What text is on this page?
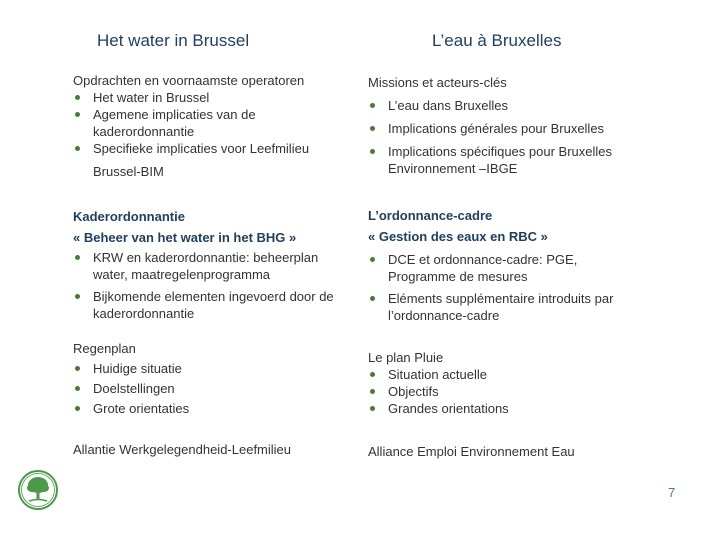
Het water in Brussel	L’eau à Bruxelles

Opdrachten en voornaamste operatoren

Het water in Brussel
Agemene implicaties van de kaderordonnantie
Specifieke implicaties voor Leefmilieu
Brussel-BIM

Kaderordonnantie

« Beheer van het water in het BHG »

KRW en kaderordonnantie: beheerplan water, maatregelenprogramma
Bijkomende elementen ingevoerd door de kaderordonnantie

Regenplan

Huidige situatie
Doelstellingen
Grote orientaties

Allantie Werkgelegendheid-Leefmilieu

Missions et acteurs-clés

L’eau dans Bruxelles
Implications générales pour Bruxelles
Implications spécifiques pour Bruxelles Environnement –IBGE

L’ordonnance-cadre

« Gestion des eaux en RBC »

DCE et ordonnance-cadre: PGE, Programme de mesures
Eléments supplémentaire introduits par l’ordonnance-cadre

Le plan Pluie

Situation actuelle
Objectifs
Grandes orientations

Alliance Emploi Environnement Eau

7
